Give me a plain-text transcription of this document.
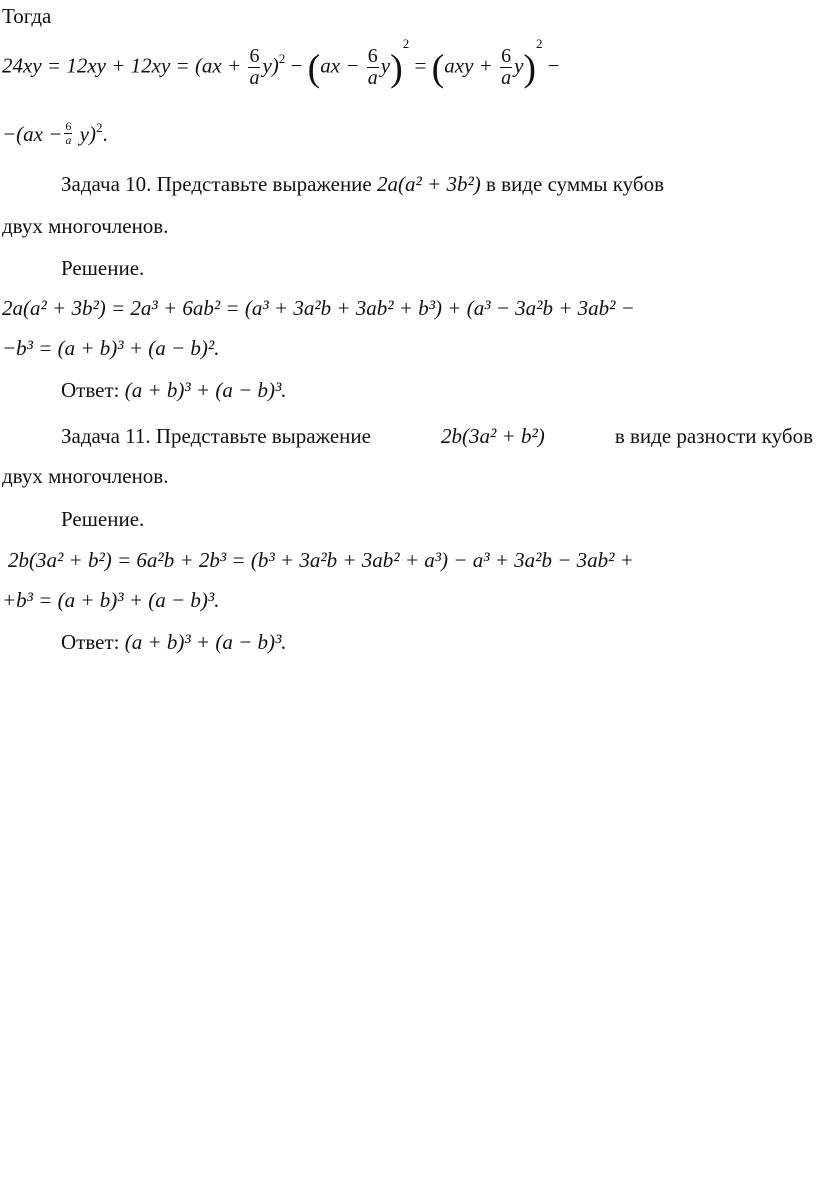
Тогда
$24xy = 12xy + 12xy = (ax + \frac{6}{a} y)^2 - (ax - \frac{6}{a} y)^2 = (axy + \frac{6}{a} y)^2$ −
$-(ax - \frac{6}{a} y)^2$.
Задача 10. Представьте выражение 2a(a² + 3b²) в виде суммы кубов
двух многочленов.
Решение.
2a(a² + 3b²) = 2a³ + 6ab² = (a³ + 3a²b + 3ab² + b³) + (a³ − 3a²b + 3ab² −
−b³ = (a + b)³ + (a − b)².
Ответ: (a + b)³ + (a − b)³.
Задача 11. Представьте выражение	2b(3a² + b²)	в виде разности кубов
двух многочленов.
Решение.
2b(3a² + b²) = 6a²b + 2b³ = (b³ + 3a²b + 3ab² + a³) − a³ + 3a²b − 3ab² +
+b³ = (a + b)³ + (a − b)³.
Ответ: (a + b)³ + (a − b)³.
